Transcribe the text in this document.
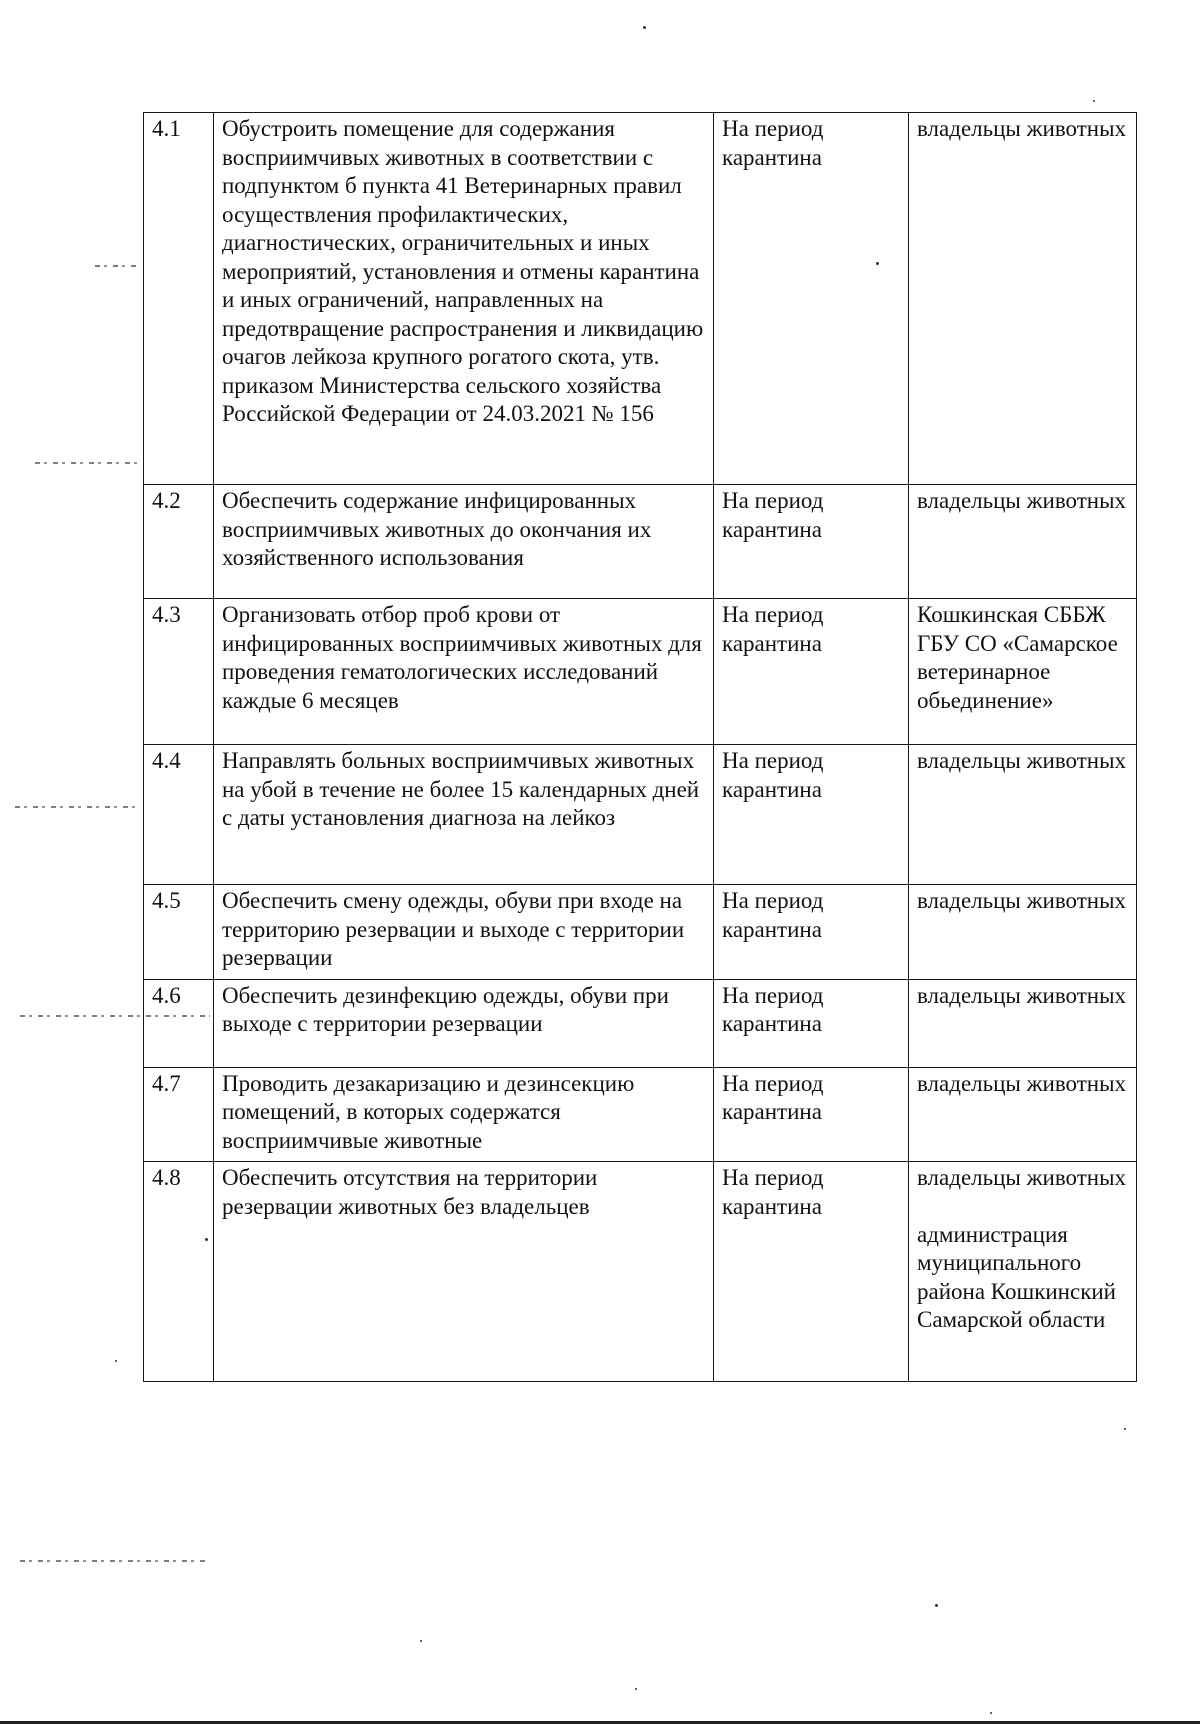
4.1	Обустроить помещение для содержания восприимчивых животных в соответствии с подпунктом б пункта 41 Ветеринарных правил осуществления профилактических, диагностических, ограничительных и иных мероприятий, установления и отмены карантина и иных ограничений, направленных на предотвращение распространения и ликвидацию очагов лейкоза крупного рогатого скота, утв. приказом Министерства сельского хозяйства Российской Федерации от 24.03.2021 № 156	На период карантина	владельцы животных

4.2	Обеспечить содержание инфицированных восприимчивых животных до окончания их хозяйственного использования	На период карантина	владельцы животных

4.3	Организовать отбор проб крови от инфицированных восприимчивых животных для проведения гематологических исследований каждые 6 месяцев	На период карантина	Кошкинская СББЖ ГБУ СО «Самарское ветеринарное обьединение»

4.4	Направлять больных восприимчивых животных на убой в течение не более 15 календарных дней с даты установления диагноза на лейкоз	На период карантина	владельцы животных

4.5	Обеспечить смену одежды, обуви при входе на территорию резервации и выходе с территории резервации	На период карантина	владельцы животных

4.6	Обеспечить дезинфекцию одежды, обуви при выходе с территории резервации	На период карантина	владельцы животных

4.7	Проводить дезакаризацию и дезинсекцию помещений, в которых содержатся восприимчивые животные	На период карантина	владельцы животных

4.8	Обеспечить отсутствия на территории резервации животных без владельцев	На период карантина	владельцы животных
администрация муниципального района Кошкинский Самарской области
